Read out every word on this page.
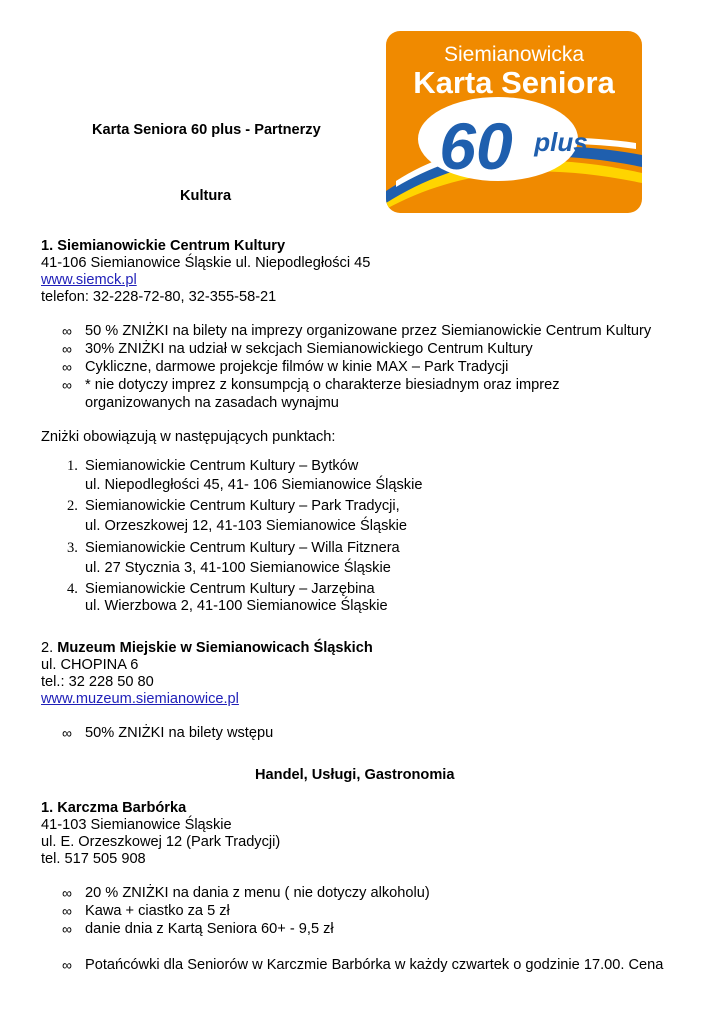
Siemianowicka
Karta Seniora
60 plus
Karta Seniora 60 plus - Partnerzy
Kultura
1. Siemianowickie Centrum Kultury
41-106 Siemianowice Śląskie ul. Niepodległości 45
www.siemck.pl
telefon: 32-228-72-80, 32-355-58-21
∞ 50 % ZNIŻKI na bilety na imprezy organizowane przez Siemianowickie Centrum Kultury
∞ 30% ZNIŻKI na udział w sekcjach Siemianowickiego Centrum Kultury
∞ Cykliczne, darmowe projekcje filmów w kinie MAX – Park Tradycji
∞ * nie dotyczy imprez z konsumpcją o charakterze biesiadnym oraz imprez
organizowanych na zasadach wynajmu
Zniżki obowiązują w następujących punktach:
1. Siemianowickie Centrum Kultury – Bytków
ul. Niepodległości 45, 41- 106 Siemianowice Śląskie
2. Siemianowickie Centrum Kultury – Park Tradycji,
ul. Orzeszkowej 12, 41-103 Siemianowice Śląskie
3. Siemianowickie Centrum Kultury – Willa Fitznera
ul. 27 Stycznia 3, 41-100 Siemianowice Śląskie
4. Siemianowickie Centrum Kultury – Jarzębina
ul. Wierzbowa 2, 41-100 Siemianowice Śląskie
2. Muzeum Miejskie w Siemianowicach Śląskich
ul. CHOPINA 6
tel.: 32 228 50 80
www.muzeum.siemianowice.pl
∞ 50% ZNIŻKI na bilety wstępu
Handel, Usługi, Gastronomia
1. Karczma Barbórka
41-103 Siemianowice Śląskie
ul. E. Orzeszkowej 12 (Park Tradycji)
tel. 517 505 908
∞ 20 % ZNIŻKI na dania z menu ( nie dotyczy alkoholu)
∞ Kawa + ciastko za 5 zł
∞ danie dnia z Kartą Seniora 60+ - 9,5 zł
∞ Potańcówki dla Seniorów w Karczmie Barbórka w każdy czwartek o godzinie 17.00. Cena
